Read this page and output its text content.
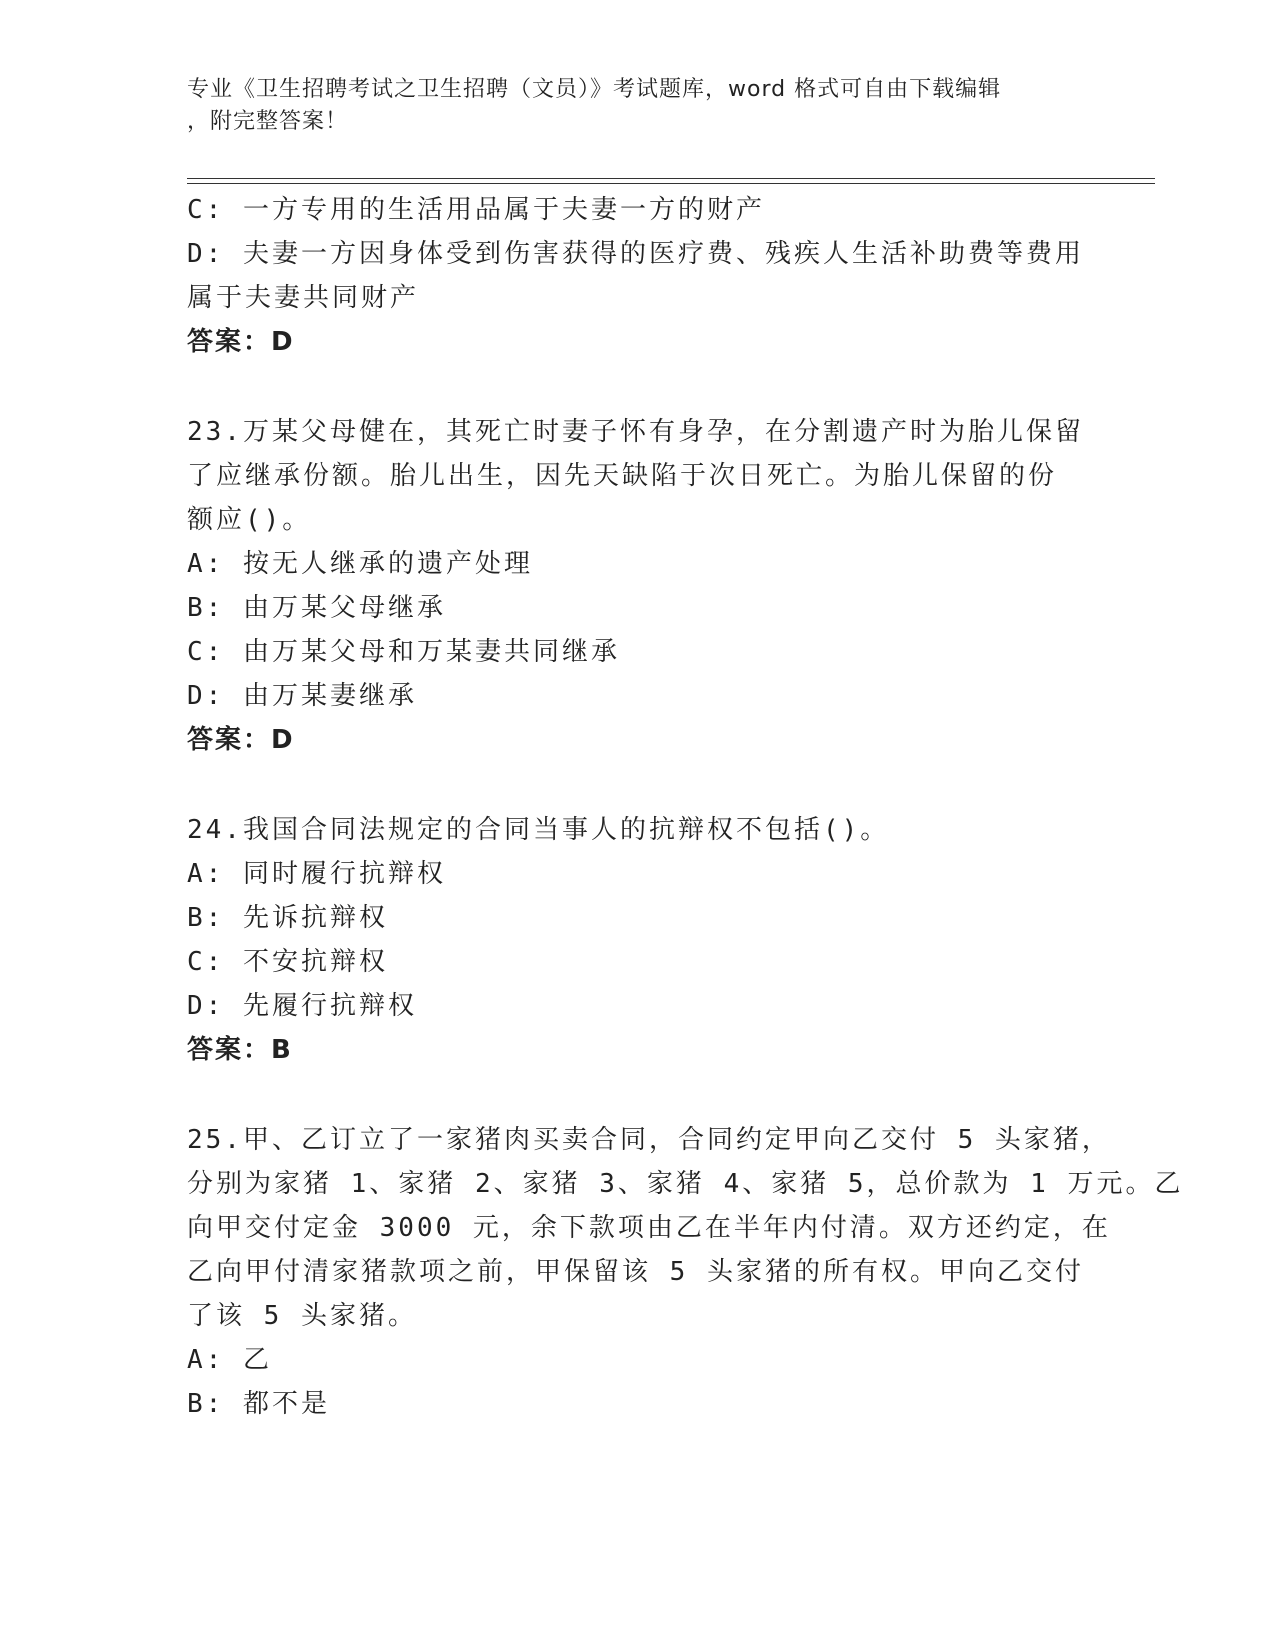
专业《卫生招聘考试之卫生招聘（文员）》考试题库，word 格式可自由下载编辑
，附完整答案！
C: 一方专用的生活用品属于夫妻一方的财产
D: 夫妻一方因身体受到伤害获得的医疗费、残疾人生活补助费等费用
属于夫妻共同财产
答案：D
23.万某父母健在，其死亡时妻子怀有身孕，在分割遗产时为胎儿保留
了应继承份额。胎儿出生，因先天缺陷于次日死亡。为胎儿保留的份
额应()。
A: 按无人继承的遗产处理
B: 由万某父母继承
C: 由万某父母和万某妻共同继承
D: 由万某妻继承
答案：D
24.我国合同法规定的合同当事人的抗辩权不包括()。
A: 同时履行抗辩权
B: 先诉抗辩权
C: 不安抗辩权
D: 先履行抗辩权
答案：B
25.甲、乙订立了一家猪肉买卖合同，合同约定甲向乙交付 5 头家猪，
分别为家猪 1、家猪 2、家猪 3、家猪 4、家猪 5，总价款为 1 万元。乙
向甲交付定金 3000 元，余下款项由乙在半年内付清。双方还约定，在
乙向甲付清家猪款项之前，甲保留该 5 头家猪的所有权。甲向乙交付
了该 5 头家猪。
A: 乙
B: 都不是
